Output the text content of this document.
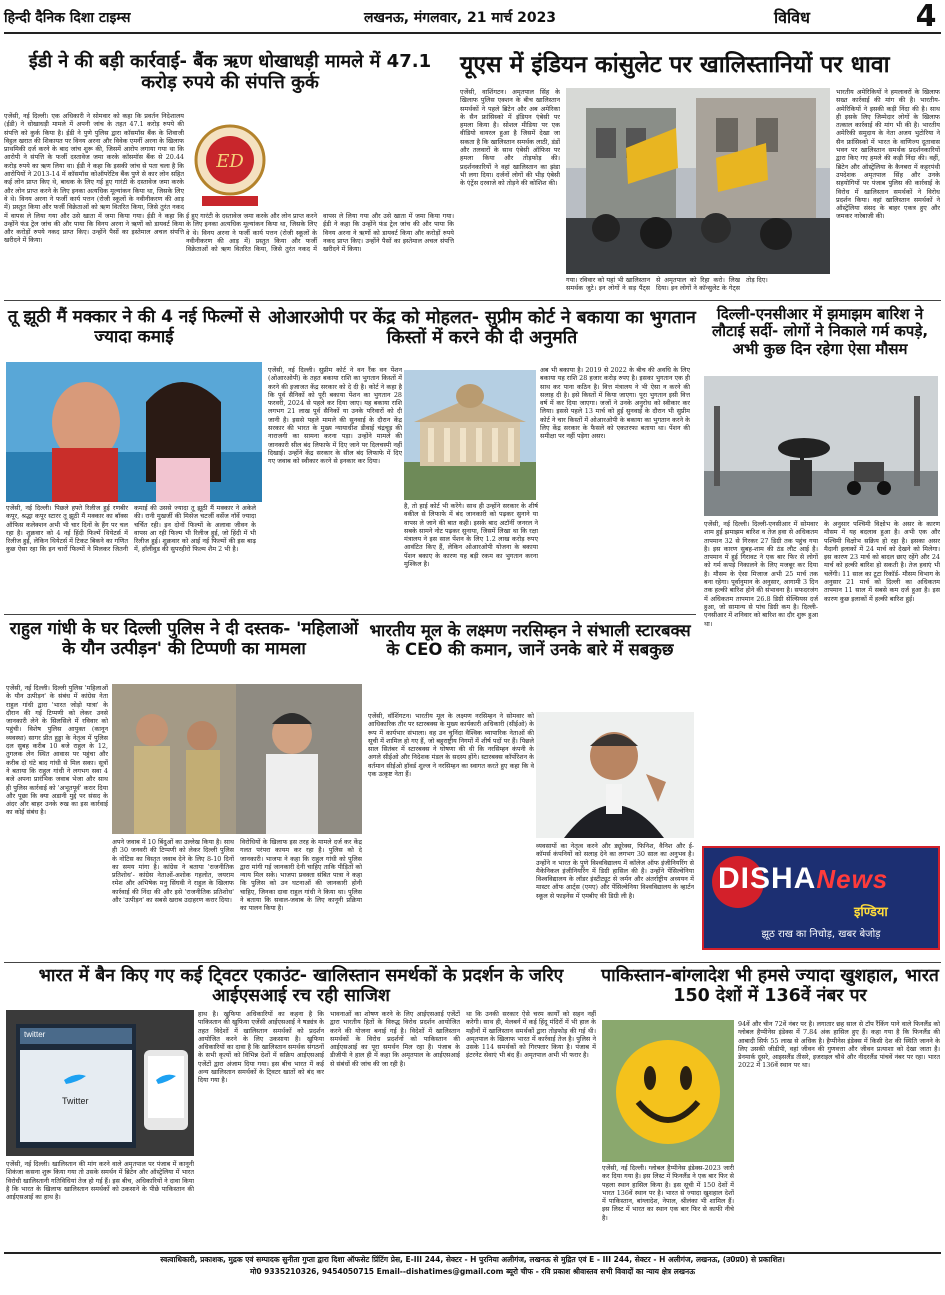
हिन्दी दैनिक दिशा टाइम्स	लखनऊ, मंगलवार, 21 मार्च 2023	विविध	4
ईडी ने की बड़ी कार्रवाई- बैंक ऋण धोखाधड़ी मामले में 47.1 करोड़ रुपये की संपत्ति कुर्क
ED
एजेंसी, नई दिल्ली। एक अधिकारी ने सोमवार को कहा कि प्रवर्तन निदेशालय (ईडी) ने धोखाधड़ी मामले में अपनी जांच के तहत 47.1 करोड़ रुपये की संपत्ति को कुर्क किया है। ईडी ने पुणे पुलिस द्वारा कॉसमॉस बैंक के शिवाजी विट्ठल खरात की शिकायत पर विनय अरना और विवेक एमर्नी अरना के खिलाफ प्राथमिकी दर्ज करने के बाद जांच शुरू की, जिसमें आरोप लगाया गया था कि आरोपी ने संपत्ति के फर्जी दस्तावेज जमा करके कॉसमॉस बैंक से 20.44 करोड़ रुपये का ऋण लिया था। ईडी ने कहा कि इसकी जांच से पता चला है कि आरोपियों ने 2013-14 में कॉसमॉस कोऑपरेटिव बैंक पुणे से कार लोन सहित कई लोन प्राप्त किए थे, बाधक के लिए गई हुए गारंटी के दस्तावेज जमा करके और लोन प्राप्त करने के लिए इनका अत्यधिक मूल्यांकन किया था, जिसके लिए वे थे। विनय अरना ने फर्जी कार्य पत्तन (रोजी स्कूलों के नवीनीकरण की आड़ में) प्रस्तुत किया और फर्जी विक्रेताओं को ऋण वितरित किया, जिसे तुरंत नकद में वापस ले लिया गया और उसे खाता में जमा किया गया। ईडी ने कहा कि उन्होंने फंड ट्रेल जांच की और पाया कि विनय अरना ने ऋणों को डायवर्ट किया और करोड़ों रुपये नकद प्राप्त किए। उन्होंने पैसों का इस्तेमाल अचल संपत्ति खरीदने में किया।
ई हुए गारंटी के दस्तावेज जमा करके और लोन प्राप्त करने के लिए इनका अत्यधिक मूल्यांकन किया था, जिसके लिए वे थे। विनय अरना ने फर्जी कार्य पत्तन (रोजी स्कूलों के नवीनीकरण की आड़ में) प्रस्तुत किया और फर्जी विक्रेताओं को ऋण वितरित किया, जिसे तुरंत नकद में वापस ले लिया गया और उसे खाता में जमा किया गया। ईडी ने कहा कि उन्होंने फंड ट्रेल जांच की और पाया कि विनय अरना ने ऋणों को डायवर्ट किया और करोड़ों रुपये नकद प्राप्त किए। उन्होंने पैसों का इस्तेमाल अचल संपत्ति खरीदने में किया।
यूएस में इंडियन कांसुलेट पर खालिस्तानियों पर धावा
एजेंसी, वाशिंगटन। अमृतपाल सिंह के खिलाफ पुलिस एक्शन के बीच खालिस्तान समर्थकों ने पहले ब्रिटेन और अब अमेरिका के सैन फ्रांसिस्को में इंडियन एंबेसी पर हमला किया है। सोशल मीडिया पर एक वीडियो वायरल हुआ है जिसमें देखा जा सकता है कि खालिस्तान समर्थक लाठी, डंडों और तलवारों के साथ एंबेसी ऑफिस पर हमला किया और तोड़फोड़ की। प्रदर्शनकारियों ने वहां खालिस्तान का झंडा भी लगा दिया। दर्जनों लोगों की भीड़ एंबेसी के एंट्रेंस दरवाजे को तोड़ने की कोशिश की।
गया। रविवार को यहां भी खालिस्तान समर्थक जुटे। इन लोगों ने सड़ पैंट्स से अमृतपाल को रिहा करो। लिख दिया। इन लोगों ने कॉन्सुलेट के गेट्स तोड़ दिए।
भारतीय अमेरिकियों ने हमलावरों के खिलाफ सख्त कार्रवाई की मांग की है। भारतीय-अमेरिकियों ने इसकी कड़ी निंदा की है। साथ ही इसके लिए जिम्मेदार लोगों के खिलाफ तत्काल कार्रवाई की मांग भी की है। भारतीय अमेरिकी समुदाय के नेता अजय भुटोरिया ने सैन फ्रांसिस्को में भारत के वाणिज्य दूतावास भवन पर खालिस्तान समर्थक प्रदर्शनकारियों द्वारा किए गए हमले की कड़ी निंदा की। वहीं, ब्रिटेन और ऑस्ट्रेलिया के कैनबरा में कट्टरपंथी उपदेशक अमृतपाल सिंह और उनके सहयोगियों पर पंजाब पुलिस की कार्रवाई के विरोध में खालिस्तान समर्थकों ने विरोध प्रदर्शन किया। वहां खालिस्तान समर्थकों ने ऑस्ट्रेलिया संसद के बाहर एकत्र हुए और जमकर नारेबाजी की।
तू झूठी मैं मक्कार ने की 4 नई फिल्मों से ज्यादा कमाई
एजेंसी, नई दिल्ली। पिछले हफ्ते रिलीज हुई रणबीर कपूर, श्रद्धा कपूर स्टारर तू झूठी मैं मक्कार का बॉक्स ऑफिस कलेक्शन अभी भी चार दिनों के हैंग पर चल रहा है। शुक्रवार को 4 नई हिंदी फिल्में थियेटर्स में रिलीज हुईं, लेकिन थियेटर्स में टिकट बिकने का गणित कुछ ऐसा रहा कि इन चारों फिल्मों ने मिलकर जितनी कमाई की उससे ज्यादा तू झूठी मैं मक्कार ने अकेले की। रानी मुखर्जी की मिसेज चटर्जी वर्सेज नॉर्वे ज्यादा चर्चित रही। इन दोनों फिल्मों के अलावा जीवन के वापस आ रही फिल्म भी रिलीज हुई, जो हिंदी में भी रिलीज हुई। शुक्रवार को आई नई फिल्मों की इस बाढ़ में, हॉलीवुड की सुपरहीरो फिल्म शैम 2 भी है।
ओआरओपी पर केंद्र को मोहलत- सुप्रीम कोर्ट ने बकाया का भुगतान किस्तों में करने की दी अनुमति
एजेंसी, नई दिल्ली। सुप्रीम कोर्ट ने वन रैंक वन पेंशन (ओआरओपी) के तहत बकाया राशि का भुगतान किस्तों में करने की इजाजत केंद्र सरकार को दे दी है। कोर्ट ने कहा है कि पूर्व सैनिकों को पूरी बकाया पेंशन का भुगतान 28 फरवरी, 2024 से पहले कर दिया जाए। यह बकाया राशि लगभग 21 लाख पूर्व सैनिकों या उनके परिवारों को दी जानी है। इससे पहले मामले की सुनवाई के दौरान केंद्र सरकार की भारत के मुख्य न्यायाधीश डीवाई चंद्रचूड़ की नाराजगी का सामना करना पड़ा। उन्होंने मामले की जानकारी सील बंद लिफाफे में दिए जाने पर दिलचस्पी नहीं दिखाई। उन्होंने केंद्र सरकार के सील बंद लिफाफे में दिए गए जवाब को स्वीकार करने से इनकार कर दिया।
है, तो हाई कोर्ट भी करेंगे। साथ ही उन्होंने सरकार के शीर्ष वकील से लिफाफे में बंद जानकारी को पढ़कर सुनाने या वापस ले जाने की बात कही। इसके बाद अटॉर्नी जनरल ने सबके सामने नोट पढ़कर सुनाया, जिसमें लिखा था कि रक्षा मंत्रालय ने इस साल पेंशन के लिए 1.2 लाख करोड़ रुपए आवंटित किए हैं, लेकिन ओआरओपी योजना के बकाया पेंशन बकाए के कारण यह बड़ी रकम का भुगतान करना मुश्किल है।
अब भी बकाया है। 2019 से 2022 के बीच की अवधि के लिए बकाया यह राशि 28 हजार करोड़ रुपए है। इसका भुगतान एक ही साथ कर पाना कठिन है। वित्त मंत्रालय ने भी ऐसा न करने की सलाह दी है। इसे किस्तों में किया जाएगा। पूरा भुगतान इसी वित्त वर्ष में कर दिया जाएगा। जजों ने उनके अनुरोध को स्वीकार कर लिया। इससे पहले 13 मार्च को हुई सुनवाई के दौरान भी सुप्रीम कोर्ट ने चार किस्तों में ओआरओपी के बकाया का भुगतान करने के लिए केंद्र सरकार के फैसले को एकतरफा बताया था। पेंशन की समीक्षा पर नहीं पड़ेगा असर।
दिल्ली-एनसीआर में झमाझम बारिश ने लौटाई सर्दी- लोगों ने निकाले गर्म कपड़े, अभी कुछ दिन रहेगा ऐसा मौसम
एजेंसी, नई दिल्ली। दिल्ली-एनसीआर में सोमवार शाम हुई झमाझम बारिश व तेज हवा से अधिकतम तापमान 32 से गिरकर 27 डिग्री तक पहुंच गया है। इस कारण सुबह-शाम की ठंड लौट आई है। तापमान में हुई गिरावट ने एक बार फिर से लोगों को गर्म कपड़े निकालने के लिए मजबूर कर दिया है। मौसम के ऐसा मिजाज अभी 25 मार्च तक बना रहेगा। पूर्वानुमान के अनुसार, आगामी 3 दिन तक हल्की बारिश होने की संभावना है। सफदरजंग में अधिकतम तापमान 26.8 डिग्री सेल्सियस दर्ज हुआ, जो सामान्य से पांच डिग्री कम है। दिल्ली-एनसीआर में शनिवार को बारिश का दौर शुरू हुआ था।
के अनुसार पश्चिमी विक्षोभ के असर के कारण मौसम में यह बदलाव हुआ है। अभी एक और पश्चिमी विक्षोभ सक्रिय हो रहा है। इसका असर मैदानी इलाकों में 24 मार्च को देखने को मिलेगा। इस कारण 23 मार्च को बादल छाए रहेंगे और 24 मार्च को हल्की बारिश हो सकती है। तेज हवाएं भी चलेंगी। 11 साल का टूटा रिकॉर्ड- मौसम विभाग के अनुसार 21 मार्च को दिल्ली का अधिकतम तापमान 11 साल में सबसे कम दर्ज हुआ है। इस कारण कुछ इलाकों में हल्की बारिश हुई।
DISHANews
इण्डिया
झूठ राख का निचोड़, खबर बेजोड़
राहुल गांधी के घर दिल्ली पुलिस ने दी दस्तक- 'महिलाओं के यौन उत्पीड़न' की टिप्पणी का मामला
एजेंसी, नई दिल्ली। दिल्ली पुलिस 'महिलाओं के यौन उत्पीड़न' के संबंध में कांग्रेस नेता राहुल गांधी द्वारा 'भारत जोड़ो यात्रा' के दौरान की गई टिप्पणी को लेकर उनसे जानकारी लेने के सिलसिले में रविवार को पहुंची। विशेष पुलिस आयुक्त (कानून व्यवस्था) सागर प्रीत हुड्डा के नेतृत्व में पुलिस दल सुबह करीब 10 बजे राहुल के 12, तुगलक लेन स्थित आवास पर पहुंचा और करीब दो घंटे बाद गांधी से मिल सका। सूत्रों ने बताया कि राहुल गांधी ने लगभग सवा 4 बजे अपना प्रारंभिक जवाब भेजा और साथ ही पुलिस कार्रवाई को 'अभूतपूर्व' करार दिया और पूछा कि क्या अडानी मुद्दे पर संसद के अंदर और बाहर उनके रुख का इस कार्रवाई का कोई संबंध है।
अपने जवाब में 10 बिंदुओं का उल्लेख किया है। साथ ही 30 जनवरी की टिप्पणी को लेकर दिल्ली पुलिस के नोटिस का विस्तृत जवाब देने के लिए 8-10 दिनों का समय मांगा है। कांग्रेस ने बताया 'राजनीतिक प्रतिशोध'- कांग्रेस नेताओं-अशोक गहलोत, जयराम रमेश और अभिषेक मनु सिंघवी ने राहुल के खिलाफ कार्रवाई की निंदा की और इसे 'राजनीतिक प्रतिशोध' और 'उत्पीड़न' का सबसे खराब उदाहरण करार दिया।
विरोधियों के खिलाफ इस तरह के मामले दर्ज कर केंद्र गलत परंपरा कायम कर रहा है। पुलिस को दे जानकारी। भाजपा ने कहा कि राहुल गांधी को पुलिस द्वारा मांगी गई जानकारी देनी चाहिए ताकि पीड़ितों को न्याय मिल सके। भाजपा प्रवक्ता संबित पात्रा ने कहा कि पुलिस को उन घटनाओं की जानकारी होनी चाहिए, जिनका दावा राहुल गांधी ने किया था। पुलिस ने बताया कि सवाल-जवाब के लिए कानूनी प्रक्रिया का पालन किया है।
भारतीय मूल के लक्ष्मण नरसिम्हन ने संभाली स्टारबक्स के CEO की कमान, जानें उनके बारे में सबकुछ
एजेंसी, वॉशिंगटन। भारतीय मूल के लक्ष्मण नरसिम्हन ने सोमवार को आधिकारिक तौर पर स्टारबक्स के मुख्य कार्यकारी अधिकारी (सीईओ) के रूप में कार्यभार संभाला। वह उन चुनिंदा वैश्विक व्यापारिक नेताओं की सूची में शामिल हो गए हैं, जो बहुराष्ट्रीय निगमों में शीर्ष पदों पर हैं। पिछले साल सितंबर में स्टारबक्स ने घोषणा की थी कि नरसिम्हन कंपनी के अगले सीईओ और निदेशक मंडल के सदस्य होंगे। स्टारबक्स कॉर्पोरेशन के वर्तमान सीईओ हॉवर्ड शुल्ज ने नरसिम्हन का स्वागत करते हुए कहा कि वे एक उत्कृष्ट नेता हैं।
व्यवसायों का नेतृत्व करने और ड्यूरेक्स, फिनिश, वैनिश और ई-कॉमर्स कंपनियों को सलाह देने का लगभग 30 साल का अनुभव है। उन्होंने न भारत के पुणे विश्वविद्यालय में कॉलेज ऑफ इंजीनियरिंग से मैकेनिकल इंजीनियरिंग में डिग्री हासिल की है। उन्होंने पेंसिल्वेनिया विश्वविद्यालय के लॉडर इंस्टीट्यूट से जर्मन और अंतर्राष्ट्रीय अध्ययन में मास्टर ऑफ आर्ट्स (एमए) और पेंसिल्वेनिया विश्वविद्यालय के व्हार्टन स्कूल से फाइनेंस में एमबीए की डिग्री ली है।
भारत में बैन किए गए कई टि्वटर एकाउंट- खालिस्तान समर्थकों के प्रदर्शन के जरिए आईएसआई रच रही साजिश
twitter
Twitter
एजेंसी, नई दिल्ली। खालिस्तान की मांग करने वाले अमृतपाल पर पंजाब में कानूनी शिकंजा कसना शुरू किया गया तो उसके समर्थन में ब्रिटेन और ऑस्ट्रेलिया में भारत विरोधी खालिस्तानी गतिविधियां तेज हो गई हैं। इस बीच, अधिकारियों ने दावा किया है कि भारत के खिलाफ खालिस्तान समर्थकों को उकसाने के पीछे पाकिस्तान की आईएसआई का हाथ है।
हाथ है। खुफिया अधिकारियों का कहना है कि पाकिस्तान की खुफिया एजेंसी आईएसआई ने षड्यंत्र के तहत विदेशों में खालिस्तान समर्थकों को प्रदर्शन आयोजित करने के लिए उकसाया है। खुफिया अधिकारियों का दावा है कि खालिस्तान समर्थक संगठनों के सभी कृत्यों को विभिन्न देशों में सक्रिय आईएसआई एजेंटों द्वारा अंजाम दिया गया। इस बीच भारत में कई अन्य खालिस्तान समर्थकों के टि्वटर खातों को बंद कर दिया गया है।
भावनाओं का शोषण करने के लिए आईएसआई एजेंटों द्वारा भारतीय हितों के विरुद्ध विरोध प्रदर्शन आयोजित करने की योजना बनाई गई है। विदेशों में खालिस्तान समर्थकों के विरोध प्रदर्शनों को पाकिस्तान की आईएसआई का पूरा समर्थन मिल रहा है। पंजाब के डीजीपी ने हाल ही में कहा कि अमृतपाल के आईएसआई से संबंधों की जांच की जा रही है।
था कि उनकी सरकार ऐसे चरम कार्यों को सहन नहीं करेगी। साथ ही, मेलबर्न में कई हिंदू मंदिरों में भी हाल के महीनों में खालिस्तान समर्थकों द्वारा तोड़फोड़ की गई थी। अमृतपाल के खिलाफ भारत में कार्रवाई तेज है। पुलिस ने उसके 114 समर्थकों को गिरफ्तार किया है। पंजाब में इंटरनेट सेवाएं भी बंद हैं। अमृतपाल अभी भी फरार है।
पाकिस्तान-बांग्लादेश भी हमसे ज्यादा खुशहाल, भारत 150 देशों में 136वें नंबर पर
एजेंसी, नई दिल्ली। ग्लोबल हैप्पीनेस इंडेक्स-2023 जारी कर दिया गया है। इस लिस्ट में फिनलैंड ने एक बार फिर से पहला स्थान हासिल किया है। इस सूची में 150 देशों में भारत 136वें स्थान पर है। भारत से ज्यादा खुशहाल देशों में पाकिस्तान, बांग्लादेश, नेपाल, श्रीलंका भी शामिल हैं। इस लिस्ट में भारत का स्थान एक बार फिर से काफी नीचे है।
94वें और चीन 72वें नंबर पर है। लगातार छह साल से टॉप रैंकिंग पाने वाले फिनलैंड को ग्लोबल हैप्पीनेस इंडेक्स में 7.84 अंक हासिल हुए हैं। कहा गया है कि फिनलैंड की आबादी सिर्फ 55 लाख से अधिक है। हैप्पीनेस इंडेक्स में किसी देश की स्थिति जानने के लिए उसकी जीडीपी, वहां जीवन की गुणवत्ता और जीवन प्रत्याशा को देखा जाता है। डेनमार्क दूसरे, आइसलैंड तीसरे, इजराइल चौथे और नीदरलैंड पांचवें नंबर पर रहा। भारत 2022 में 136वें स्थान पर था।
स्वत्वाधिकारी, प्रकाशक, मुद्रक एवं सम्पादक सुनीता गुप्ता द्वारा दिशा ऑफसेट प्रिंटिंग प्रेस, E-III 244, सेक्टर - H पुरनिया अलीगंज, लखनऊ से मुद्रित एवं E - III 244, सेक्टर - H अलीगंज, लखनऊ, (उ0प्र0) से प्रकाशित।
मो0 9335210326, 9454050715 Email--dishatimes@gmail.com ब्यूरो चीफ - रवि प्रकाश श्रीवास्तव सभी विवादों का न्याय क्षेत्र लखनऊ
